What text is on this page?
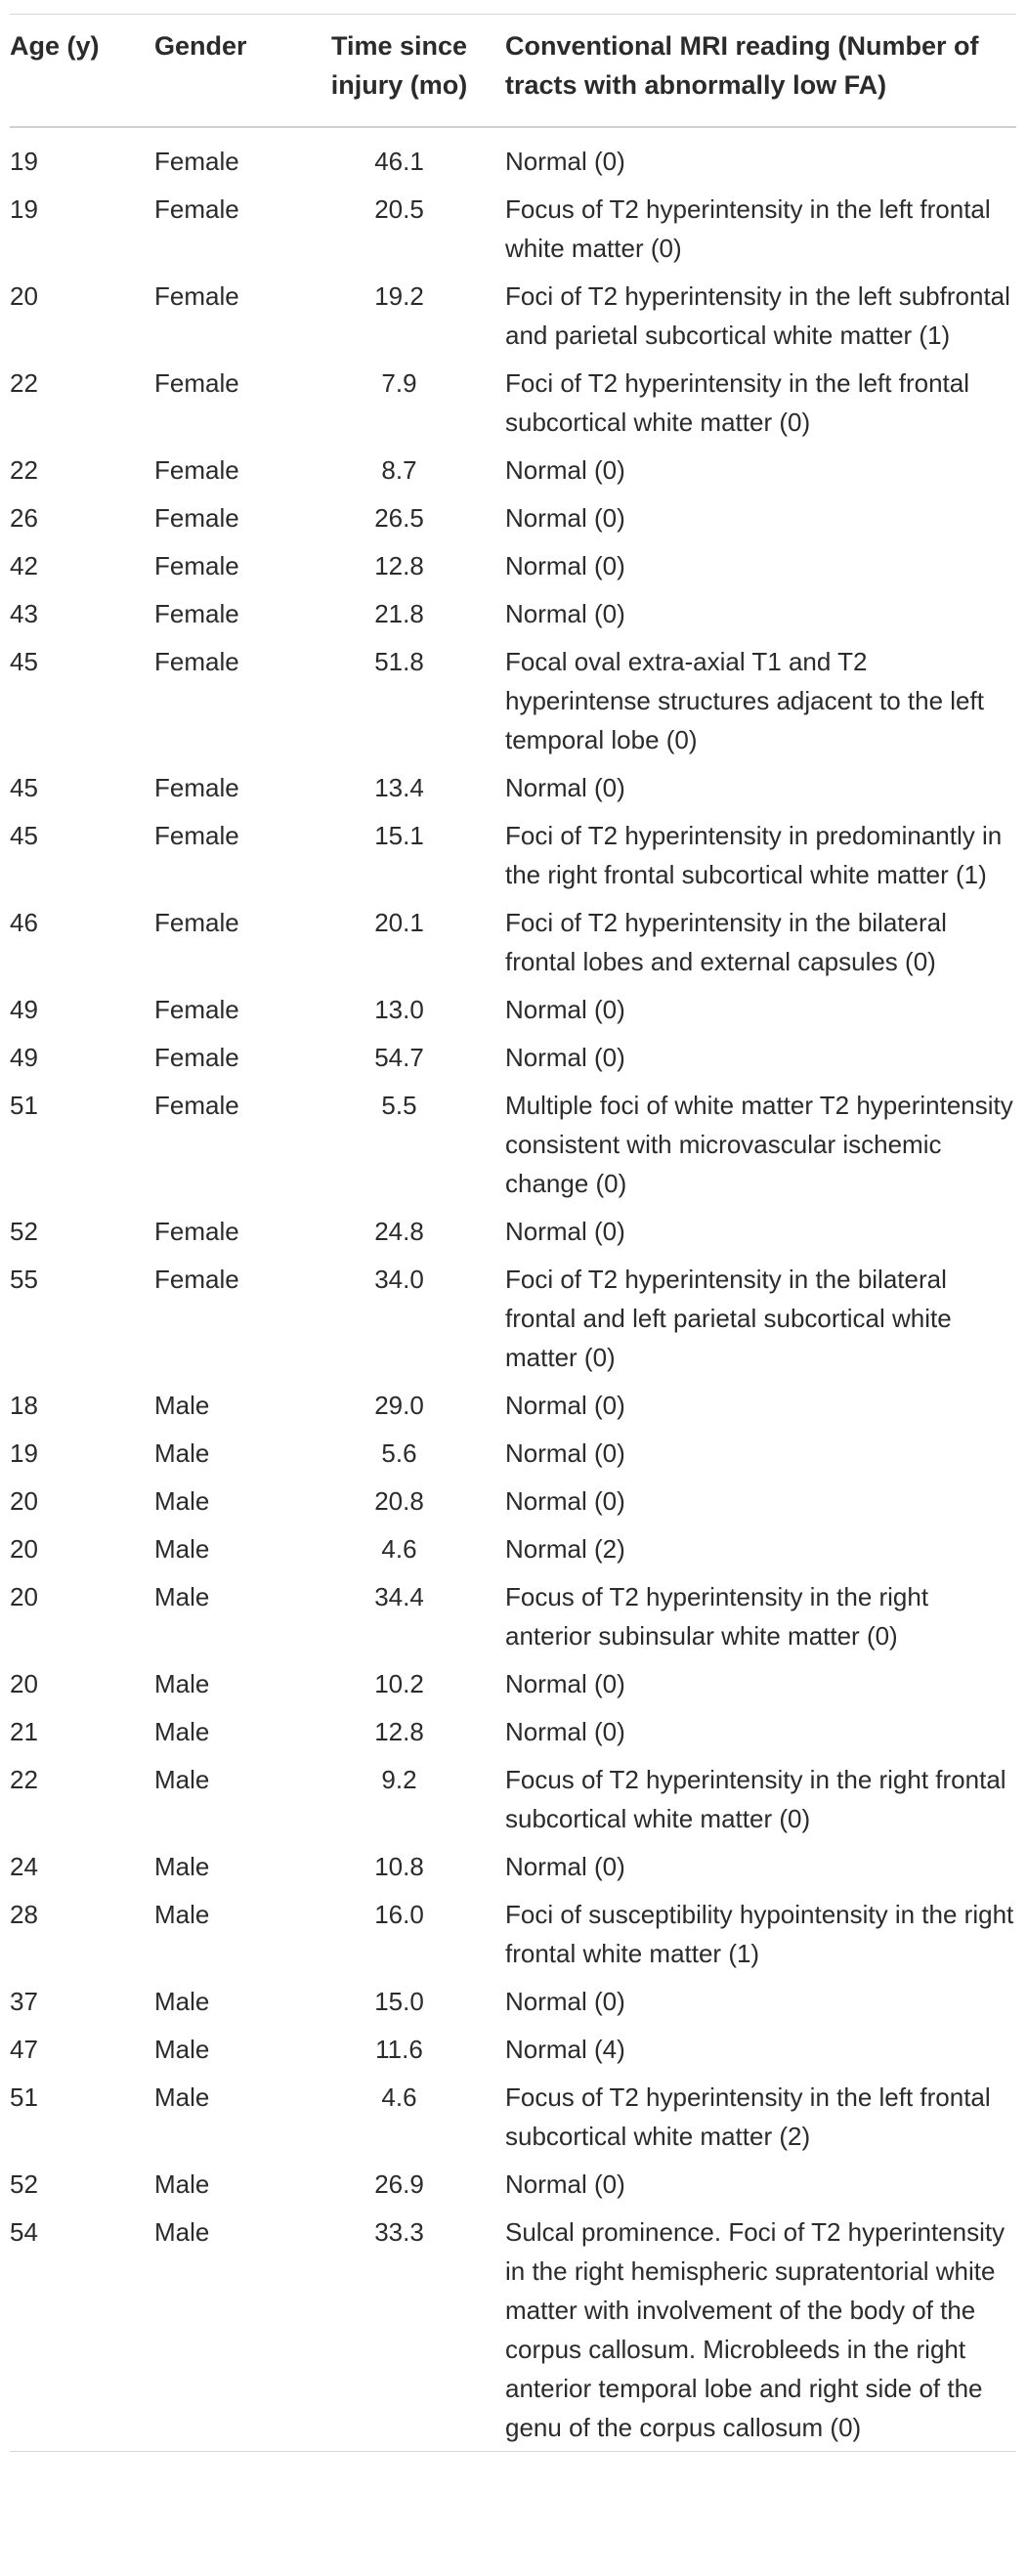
Age (y)	Gender	Time since injury (mo)	Conventional MRI reading (Number of tracts with abnormally low FA)
19	Female	46.1	Normal (0)
19	Female	20.5	Focus of T2 hyperintensity in the left frontal white matter (0)
20	Female	19.2	Foci of T2 hyperintensity in the left subfrontal and parietal subcortical white matter (1)
22	Female	7.9	Foci of T2 hyperintensity in the left frontal subcortical white matter (0)
22	Female	8.7	Normal (0)
26	Female	26.5	Normal (0)
42	Female	12.8	Normal (0)
43	Female	21.8	Normal (0)
45	Female	51.8	Focal oval extra-axial T1 and T2 hyperintense structures adjacent to the left temporal lobe (0)
45	Female	13.4	Normal (0)
45	Female	15.1	Foci of T2 hyperintensity in predominantly in the right frontal subcortical white matter (1)
46	Female	20.1	Foci of T2 hyperintensity in the bilateral frontal lobes and external capsules (0)
49	Female	13.0	Normal (0)
49	Female	54.7	Normal (0)
51	Female	5.5	Multiple foci of white matter T2 hyperintensity consistent with microvascular ischemic change (0)
52	Female	24.8	Normal (0)
55	Female	34.0	Foci of T2 hyperintensity in the bilateral frontal and left parietal subcortical white matter (0)
18	Male	29.0	Normal (0)
19	Male	5.6	Normal (0)
20	Male	20.8	Normal (0)
20	Male	4.6	Normal (2)
20	Male	34.4	Focus of T2 hyperintensity in the right anterior subinsular white matter (0)
20	Male	10.2	Normal (0)
21	Male	12.8	Normal (0)
22	Male	9.2	Focus of T2 hyperintensity in the right frontal subcortical white matter (0)
24	Male	10.8	Normal (0)
28	Male	16.0	Foci of susceptibility hypointensity in the right frontal white matter (1)
37	Male	15.0	Normal (0)
47	Male	11.6	Normal (4)
51	Male	4.6	Focus of T2 hyperintensity in the left frontal subcortical white matter (2)
52	Male	26.9	Normal (0)
54	Male	33.3	Sulcal prominence. Foci of T2 hyperintensity in the right hemispheric supratentorial white matter with involvement of the body of the corpus callosum. Microbleeds in the right anterior temporal lobe and right side of the genu of the corpus callosum (0)
